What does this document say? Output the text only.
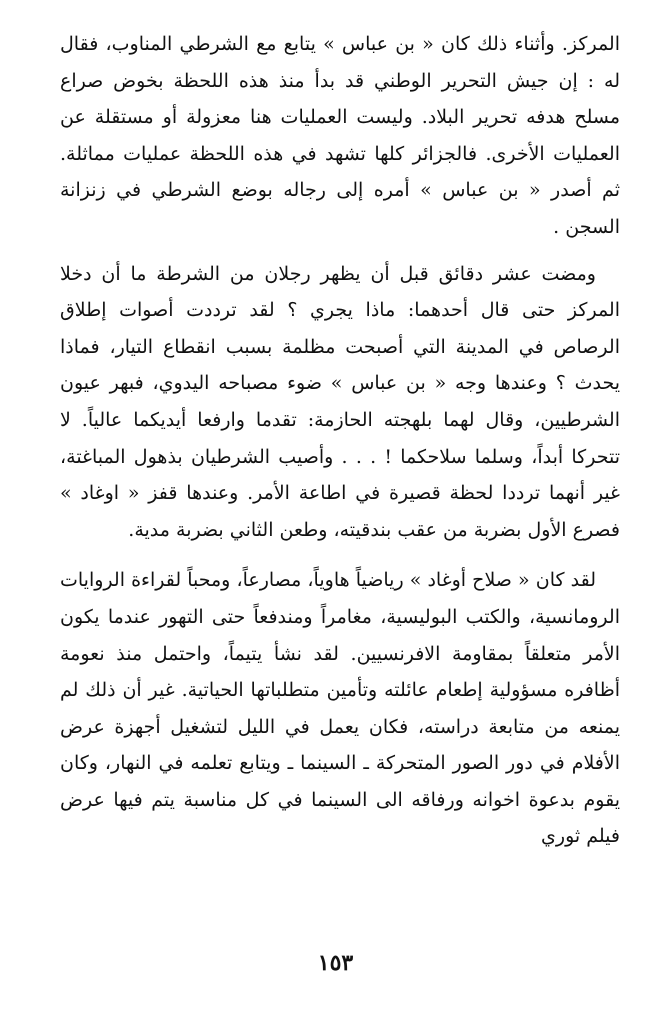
المركز. وأثناء ذلك كان « بن عباس » يتابع مع الشرطي المناوب، فقال له : إن جيش التحرير الوطني قد بدأ منذ هذه اللحظة بخوض صراع مسلح هدفه تحرير البلاد. وليست العمليات هنا معزولة أو مستقلة عن العمليات الأخرى. فالجزائر كلها تشهد في هذه اللحظة عمليات مماثلة. ثم أصدر « بن عباس » أمره إلى رجاله بوضع الشرطي في زنزانة السجن .

ومضت عشر دقائق قبل أن يظهر رجلان من الشرطة ما أن دخلا المركز حتى قال أحدهما: ماذا يجري ؟ لقد ترددت أصوات إطلاق الرصاص في المدينة التي أصبحت مظلمة بسبب انقطاع التيار، فماذا يحدث ؟ وعندها وجه « بن عباس » ضوء مصباحه اليدوي، فبهر عيون الشرطيين، وقال لهما بلهجته الحازمة: تقدما وارفعا أيديكما عالياً. لا تتحركا أبداً، وسلما سلاحكما ! . . . وأصيب الشرطيان بذهول المباغتة، غير أنهما ترددا لحظة قصيرة في اطاعة الأمر. وعندها قفز « اوغاد » فصرع الأول بضربة من عقب بندقيته، وطعن الثاني بضربة مدية.

لقد كان « صلاح أوغاد » رياضياً هاوياً، مصارعاً، ومحباً لقراءة الروايات الرومانسية، والكتب البوليسية، مغامراً ومندفعاً حتى التهور عندما يكون الأمر متعلقاً بمقاومة الافرنسيين. لقد نشأ يتيماً، واحتمل منذ نعومة أظافره مسؤولية إطعام عائلته وتأمين متطلباتها الحياتية. غير أن ذلك لم يمنعه من متابعة دراسته، فكان يعمل في الليل لتشغيل أجهزة عرض الأفلام في دور الصور المتحركة ـ السينما ـ ويتابع تعلمه في النهار، وكان يقوم بدعوة اخوانه ورفاقه الى السينما في كل مناسبة يتم فيها عرض فيلم ثوري

١٥٣
